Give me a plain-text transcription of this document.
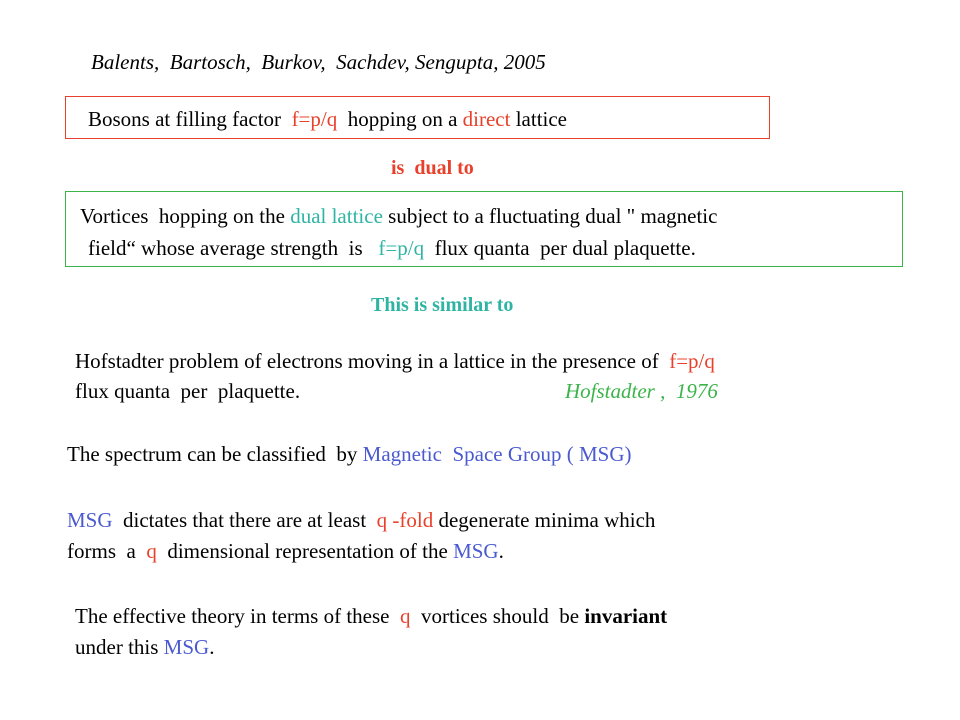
Balents,  Bartosch,  Burkov,  Sachdev, Sengupta, 2005
Bosons at filling factor  f=p/q  hopping on a direct lattice
is  dual to
Vortices  hopping on the dual lattice subject to a fluctuating dual " magnetic
field“ whose average strength  is   f=p/q  flux quanta  per dual plaquette.
This is similar to
Hofstadter problem of electrons moving in a lattice in the presence of  f=p/q
flux quanta  per  plaquette.	Hofstadter ,  1976
The spectrum can be classified  by Magnetic  Space Group ( MSG)
MSG  dictates that there are at least  q -fold degenerate minima which
forms  a  q  dimensional representation of the MSG.
The effective theory in terms of these  q  vortices should  be invariant
under this MSG.
